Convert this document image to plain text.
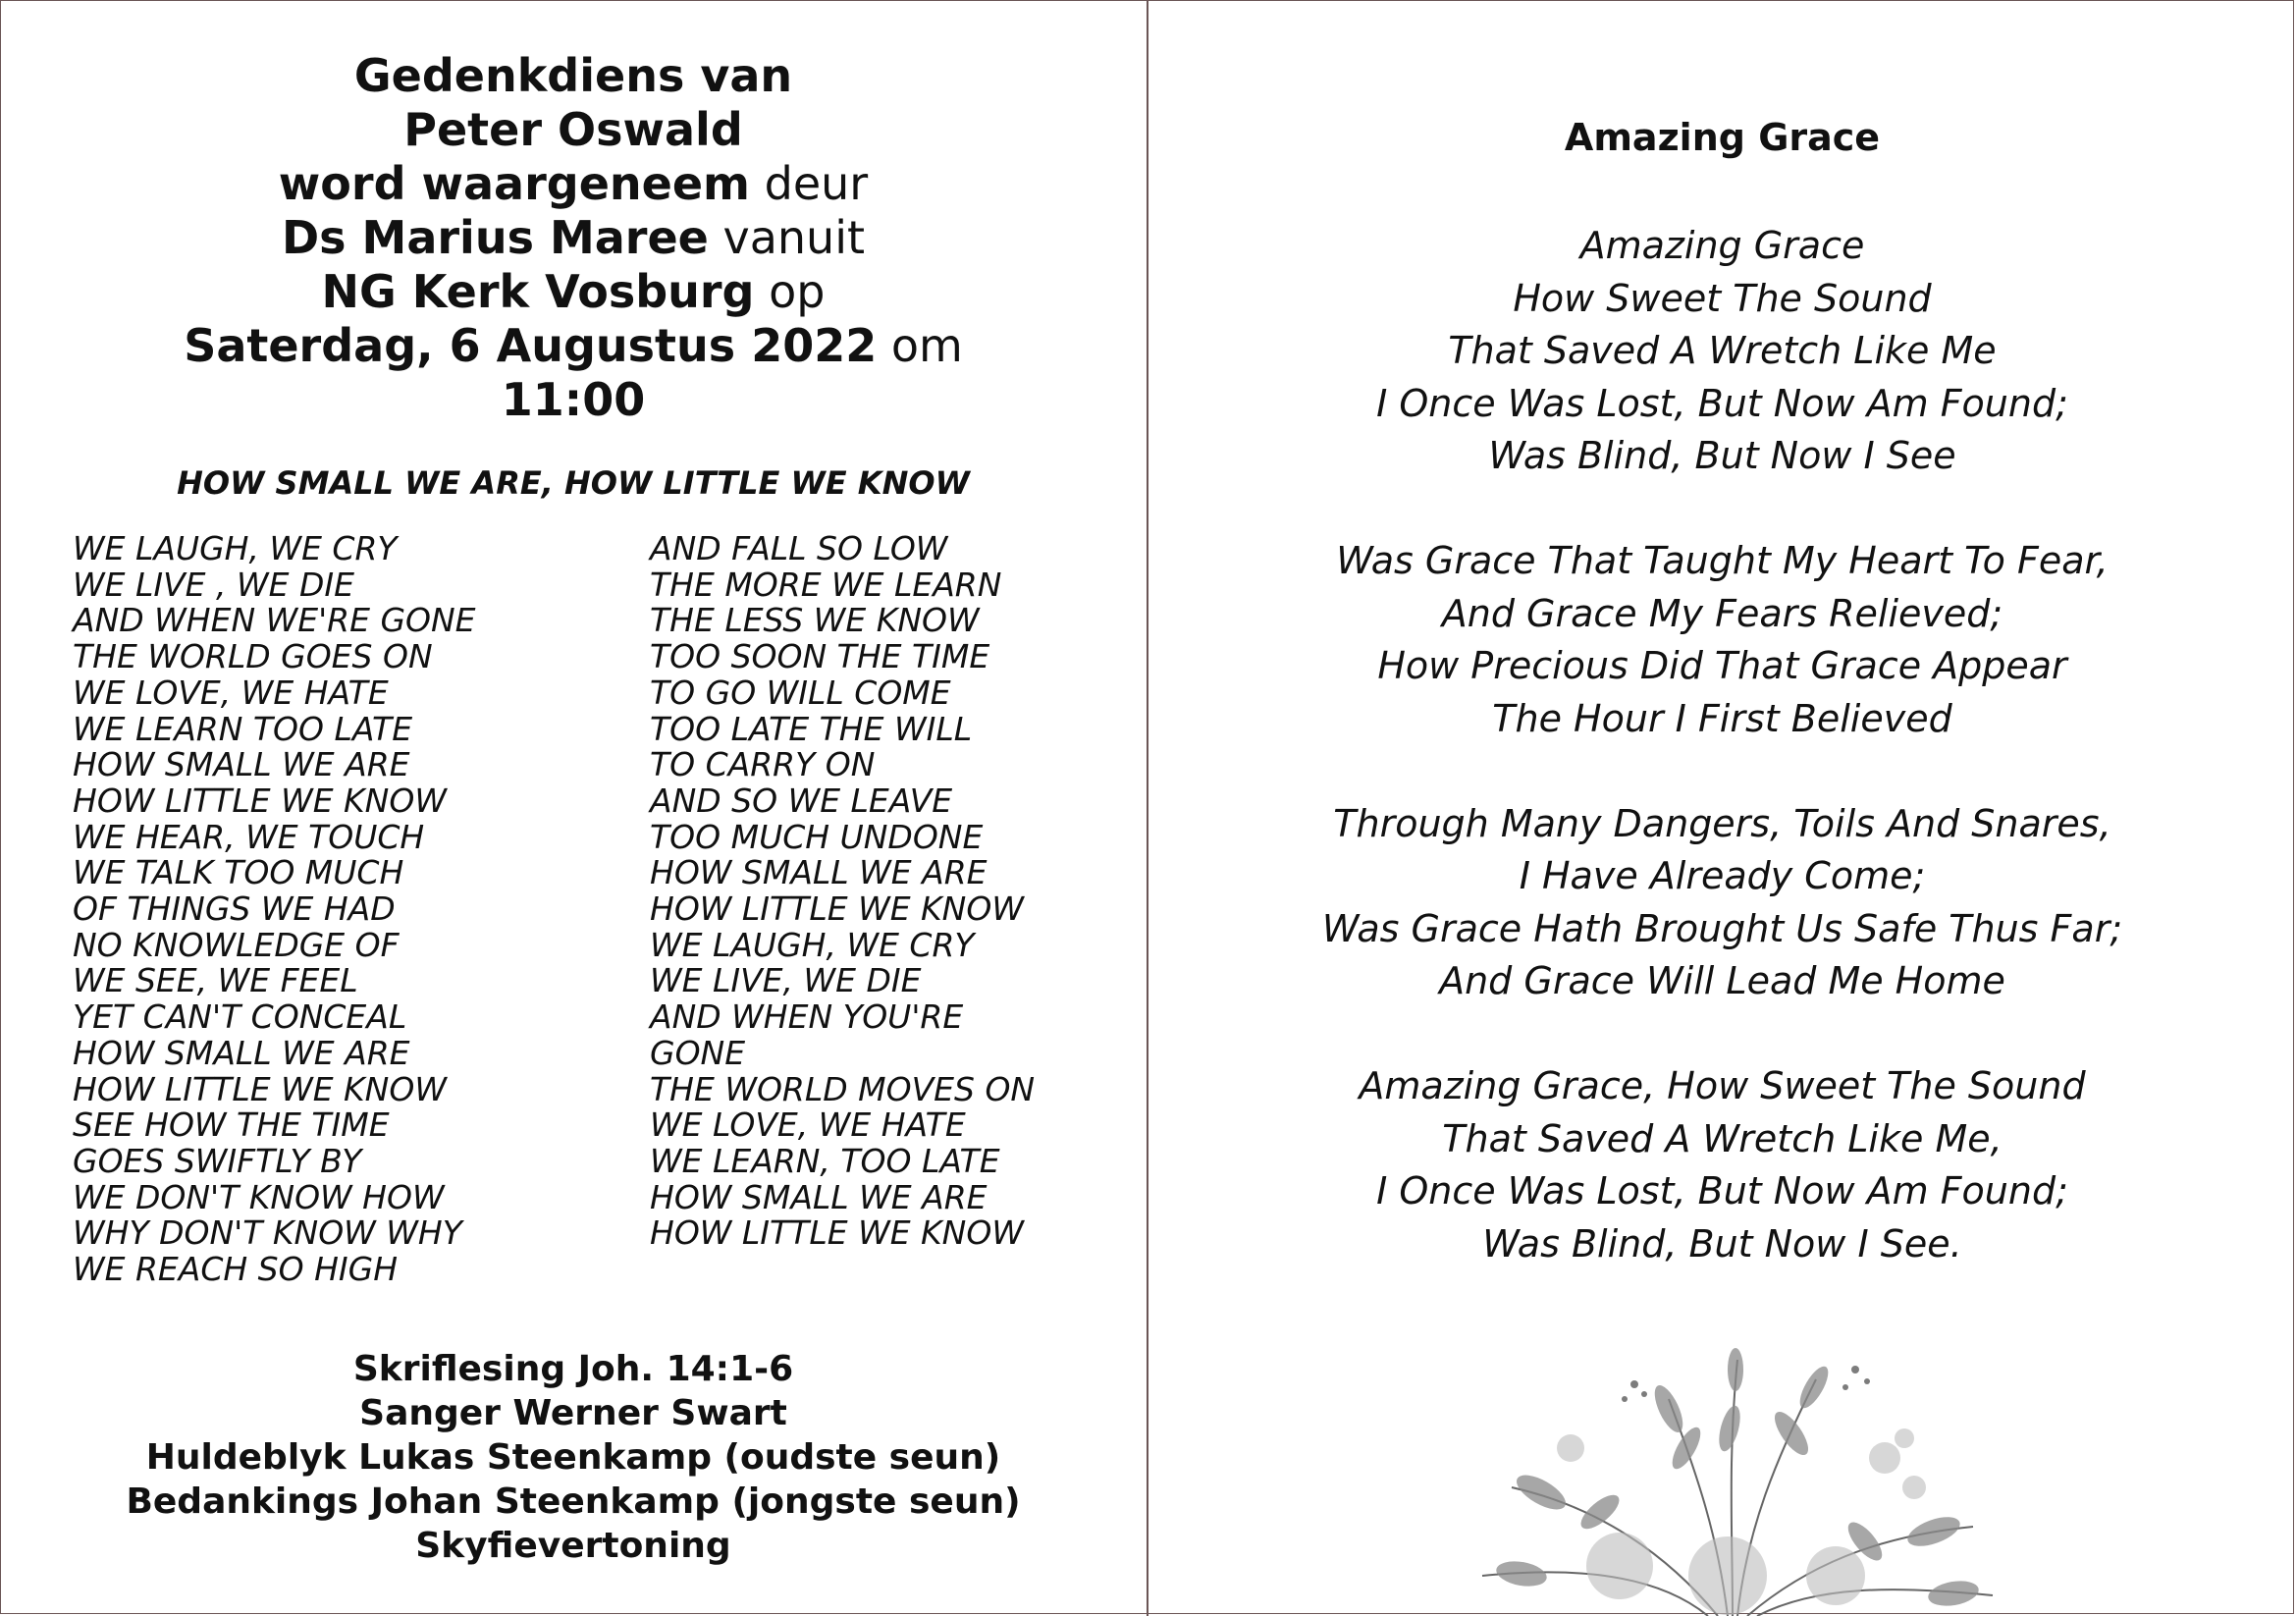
Gedenkdiens van
Peter Oswald
word waargeneem deur
Ds Marius Maree vanuit
NG Kerk Vosburg op
Saterdag, 6 Augustus 2022 om
11:00
HOW SMALL WE ARE, HOW LITTLE WE KNOW
WE LAUGH, WE CRY
WE LIVE , WE DIE
AND WHEN WE'RE GONE
THE WORLD GOES ON
WE LOVE, WE HATE
WE LEARN TOO LATE
HOW SMALL WE ARE
HOW LITTLE WE KNOW
WE HEAR, WE TOUCH
WE TALK TOO MUCH
OF THINGS WE HAD
NO KNOWLEDGE OF
WE SEE, WE FEEL
YET CAN'T CONCEAL
HOW SMALL WE ARE
HOW LITTLE WE KNOW
SEE HOW THE TIME
GOES SWIFTLY BY
WE DON'T KNOW HOW
WHY DON'T KNOW WHY
WE REACH SO HIGH
AND FALL SO LOW
THE MORE WE LEARN
THE LESS WE KNOW
TOO SOON THE TIME
TO GO WILL COME
TOO LATE THE WILL
TO CARRY ON
AND SO WE LEAVE
TOO MUCH UNDONE
HOW SMALL WE ARE
HOW LITTLE WE KNOW
WE LAUGH, WE CRY
WE LIVE, WE DIE
AND WHEN YOU'RE
GONE
THE WORLD MOVES ON
WE LOVE, WE HATE
WE LEARN, TOO LATE
HOW SMALL WE ARE
HOW LITTLE WE KNOW
Skriflesing Joh. 14:1-6
Sanger Werner Swart
Huldeblyk Lukas Steenkamp (oudste seun)
Bedankings Johan Steenkamp (jongste seun)
Skyfievertoning
Amazing Grace
Amazing Grace
How Sweet The Sound
That Saved A Wretch Like Me
I Once Was Lost, But Now Am Found;
Was Blind, But Now I See
Was Grace That Taught My Heart To Fear,
And Grace My Fears Relieved;
How Precious Did That Grace Appear
The Hour I First Believed
Through Many Dangers, Toils And Snares,
I Have Already Come;
Was Grace Hath Brought Us Safe Thus Far;
And Grace Will Lead Me Home
Amazing Grace, How Sweet The Sound
That Saved A Wretch Like Me,
I Once Was Lost, But Now Am Found;
Was Blind, But Now I See.
